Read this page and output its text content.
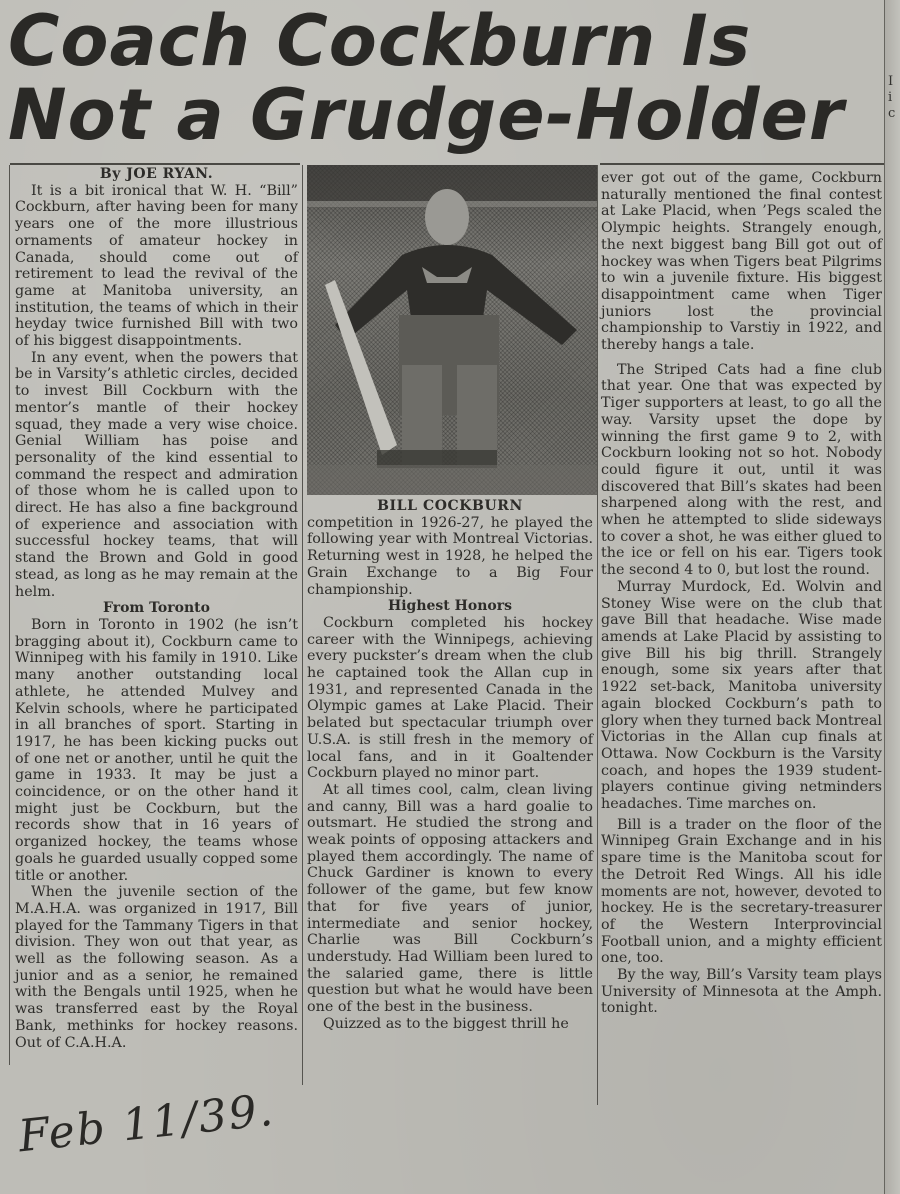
Coach Cockburn Is
Not a Grudge-Holder

By JOE RYAN.

It is a bit ironical that W. H. “Bill” Cockburn, after having been for many years one of the more illustrious ornaments of amateur hockey in Canada, should come out of retirement to lead the revival of the game at Manitoba university, an institution, the teams of which in their heyday twice furnished Bill with two of his biggest disappointments.

In any event, when the powers that be in Varsity’s athletic circles, decided to invest Bill Cockburn with the mentor’s mantle of their hockey squad, they made a very wise choice. Genial William has poise and personality of the kind essential to command the respect and admiration of those whom he is called upon to direct. He has also a fine background of experience and association with successful hockey teams, that will stand the Brown and Gold in good stead, as long as he may remain at the helm.

From Toronto

Born in Toronto in 1902 (he isn’t bragging about it), Cockburn came to Winnipeg with his family in 1910. Like many another outstanding local athlete, he attended Mulvey and Kelvin schools, where he participated in all branches of sport. Starting in 1917, he has been kicking pucks out of one net or another, until he quit the game in 1933. It may be just a coincidence, or on the other hand it might just be Cockburn, but the records show that in 16 years of organized hockey, the teams whose goals he guarded usually copped some title or another.

When the juvenile section of the M.A.H.A. was organized in 1917, Bill played for the Tammany Tigers in that division. They won out that year, as well as the following season. As a junior and as a senior, he remained with the Bengals until 1925, when he was transferred east by the Royal Bank, methinks for hockey reasons. Out of C.A.H.A.

BILL COCKBURN

competition in 1926-27, he played the following year with Montreal Victorias. Returning west in 1928, he helped the Grain Exchange to a Big Four championship.

Highest Honors

Cockburn completed his hockey career with the Winnipegs, achieving every puckster’s dream when the club he captained took the Allan cup in 1931, and represented Canada in the Olympic games at Lake Placid. Their belated but spectacular triumph over U.S.A. is still fresh in the memory of local fans, and in it Goaltender Cockburn played no minor part.

At all times cool, calm, clean living and canny, Bill was a hard goalie to outsmart. He studied the strong and weak points of opposing attackers and played them accordingly. The name of Chuck Gardiner is known to every follower of the game, but few know that for five years of junior, intermediate and senior hockey, Charlie was Bill Cockburn’s understudy. Had William been lured to the salaried game, there is little question but what he would have been one of the best in the business.

Quizzed as to the biggest thrill he

ever got out of the game, Cockburn naturally mentioned the final contest at Lake Placid, when ’Pegs scaled the Olympic heights. Strangely enough, the next biggest bang Bill got out of hockey was when Tigers beat Pilgrims to win a juvenile fixture. His biggest disappointment came when Tiger juniors lost the provincial championship to Varstiy in 1922, and thereby hangs a tale.

The Striped Cats had a fine club that year. One that was expected by Tiger supporters at least, to go all the way. Varsity upset the dope by winning the first game 9 to 2, with Cockburn looking not so hot. Nobody could figure it out, until it was discovered that Bill’s skates had been sharpened along with the rest, and when he attempted to slide sideways to cover a shot, he was either glued to the ice or fell on his ear. Tigers took the second 4 to 0, but lost the round.

Murray Murdock, Ed. Wolvin and Stoney Wise were on the club that gave Bill that headache. Wise made amends at Lake Placid by assisting to give Bill his big thrill. Strangely enough, some six years after that 1922 set-back, Manitoba university again blocked Cockburn’s path to glory when they turned back Montreal Victorias in the Allan cup finals at Ottawa. Now Cockburn is the Varsity coach, and hopes the 1939 student-players continue giving netminders headaches. Time marches on.

Bill is a trader on the floor of the Winnipeg Grain Exchange and in his spare time is the Manitoba scout for the Detroit Red Wings. All his idle moments are not, however, devoted to hockey. He is the secretary-treasurer of the Western Interprovincial Football union, and a mighty efficient one, too.

By the way, Bill’s Varsity team plays University of Minnesota at the Amph. tonight.

Feb 11/39.
I
i
c
